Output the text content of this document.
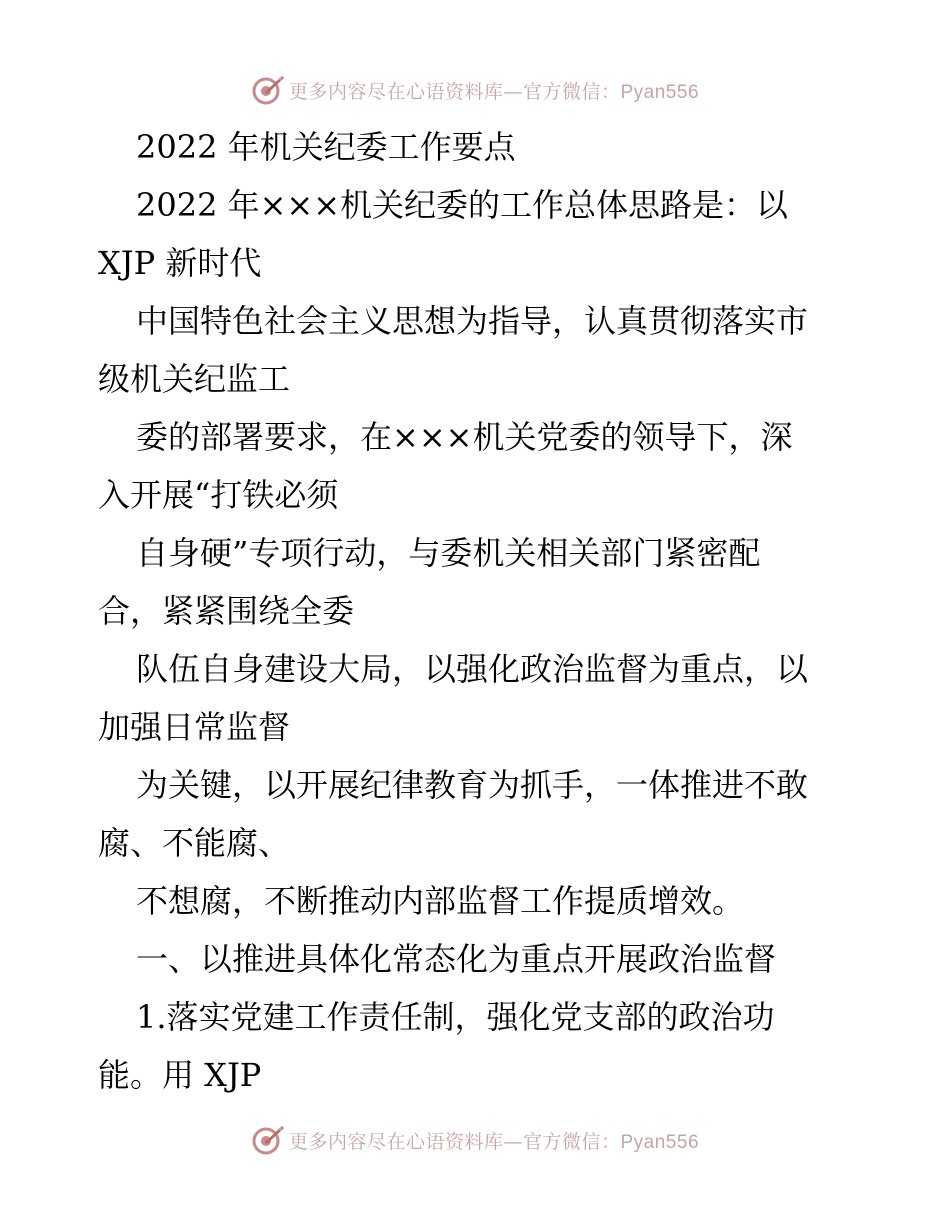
更多内容尽在心语资料库—官方微信：Pyan556
2022 年机关纪委工作要点
2022 年×××机关纪委的工作总体思路是：以
XJP 新时代
中国特色社会主义思想为指导，认真贯彻落实市
级机关纪监工
委的部署要求，在×××机关党委的领导下，深
入开展“打铁必须
自身硬”专项行动，与委机关相关部门紧密配
合，紧紧围绕全委
队伍自身建设大局，以强化政治监督为重点，以
加强日常监督
为关键，以开展纪律教育为抓手，一体推进不敢
腐、不能腐、
不想腐，不断推动内部监督工作提质增效。
一、以推进具体化常态化为重点开展政治监督
1.落实党建工作责任制，强化党支部的政治功
能。用 XJP
更多内容尽在心语资料库—官方微信：Pyan556
